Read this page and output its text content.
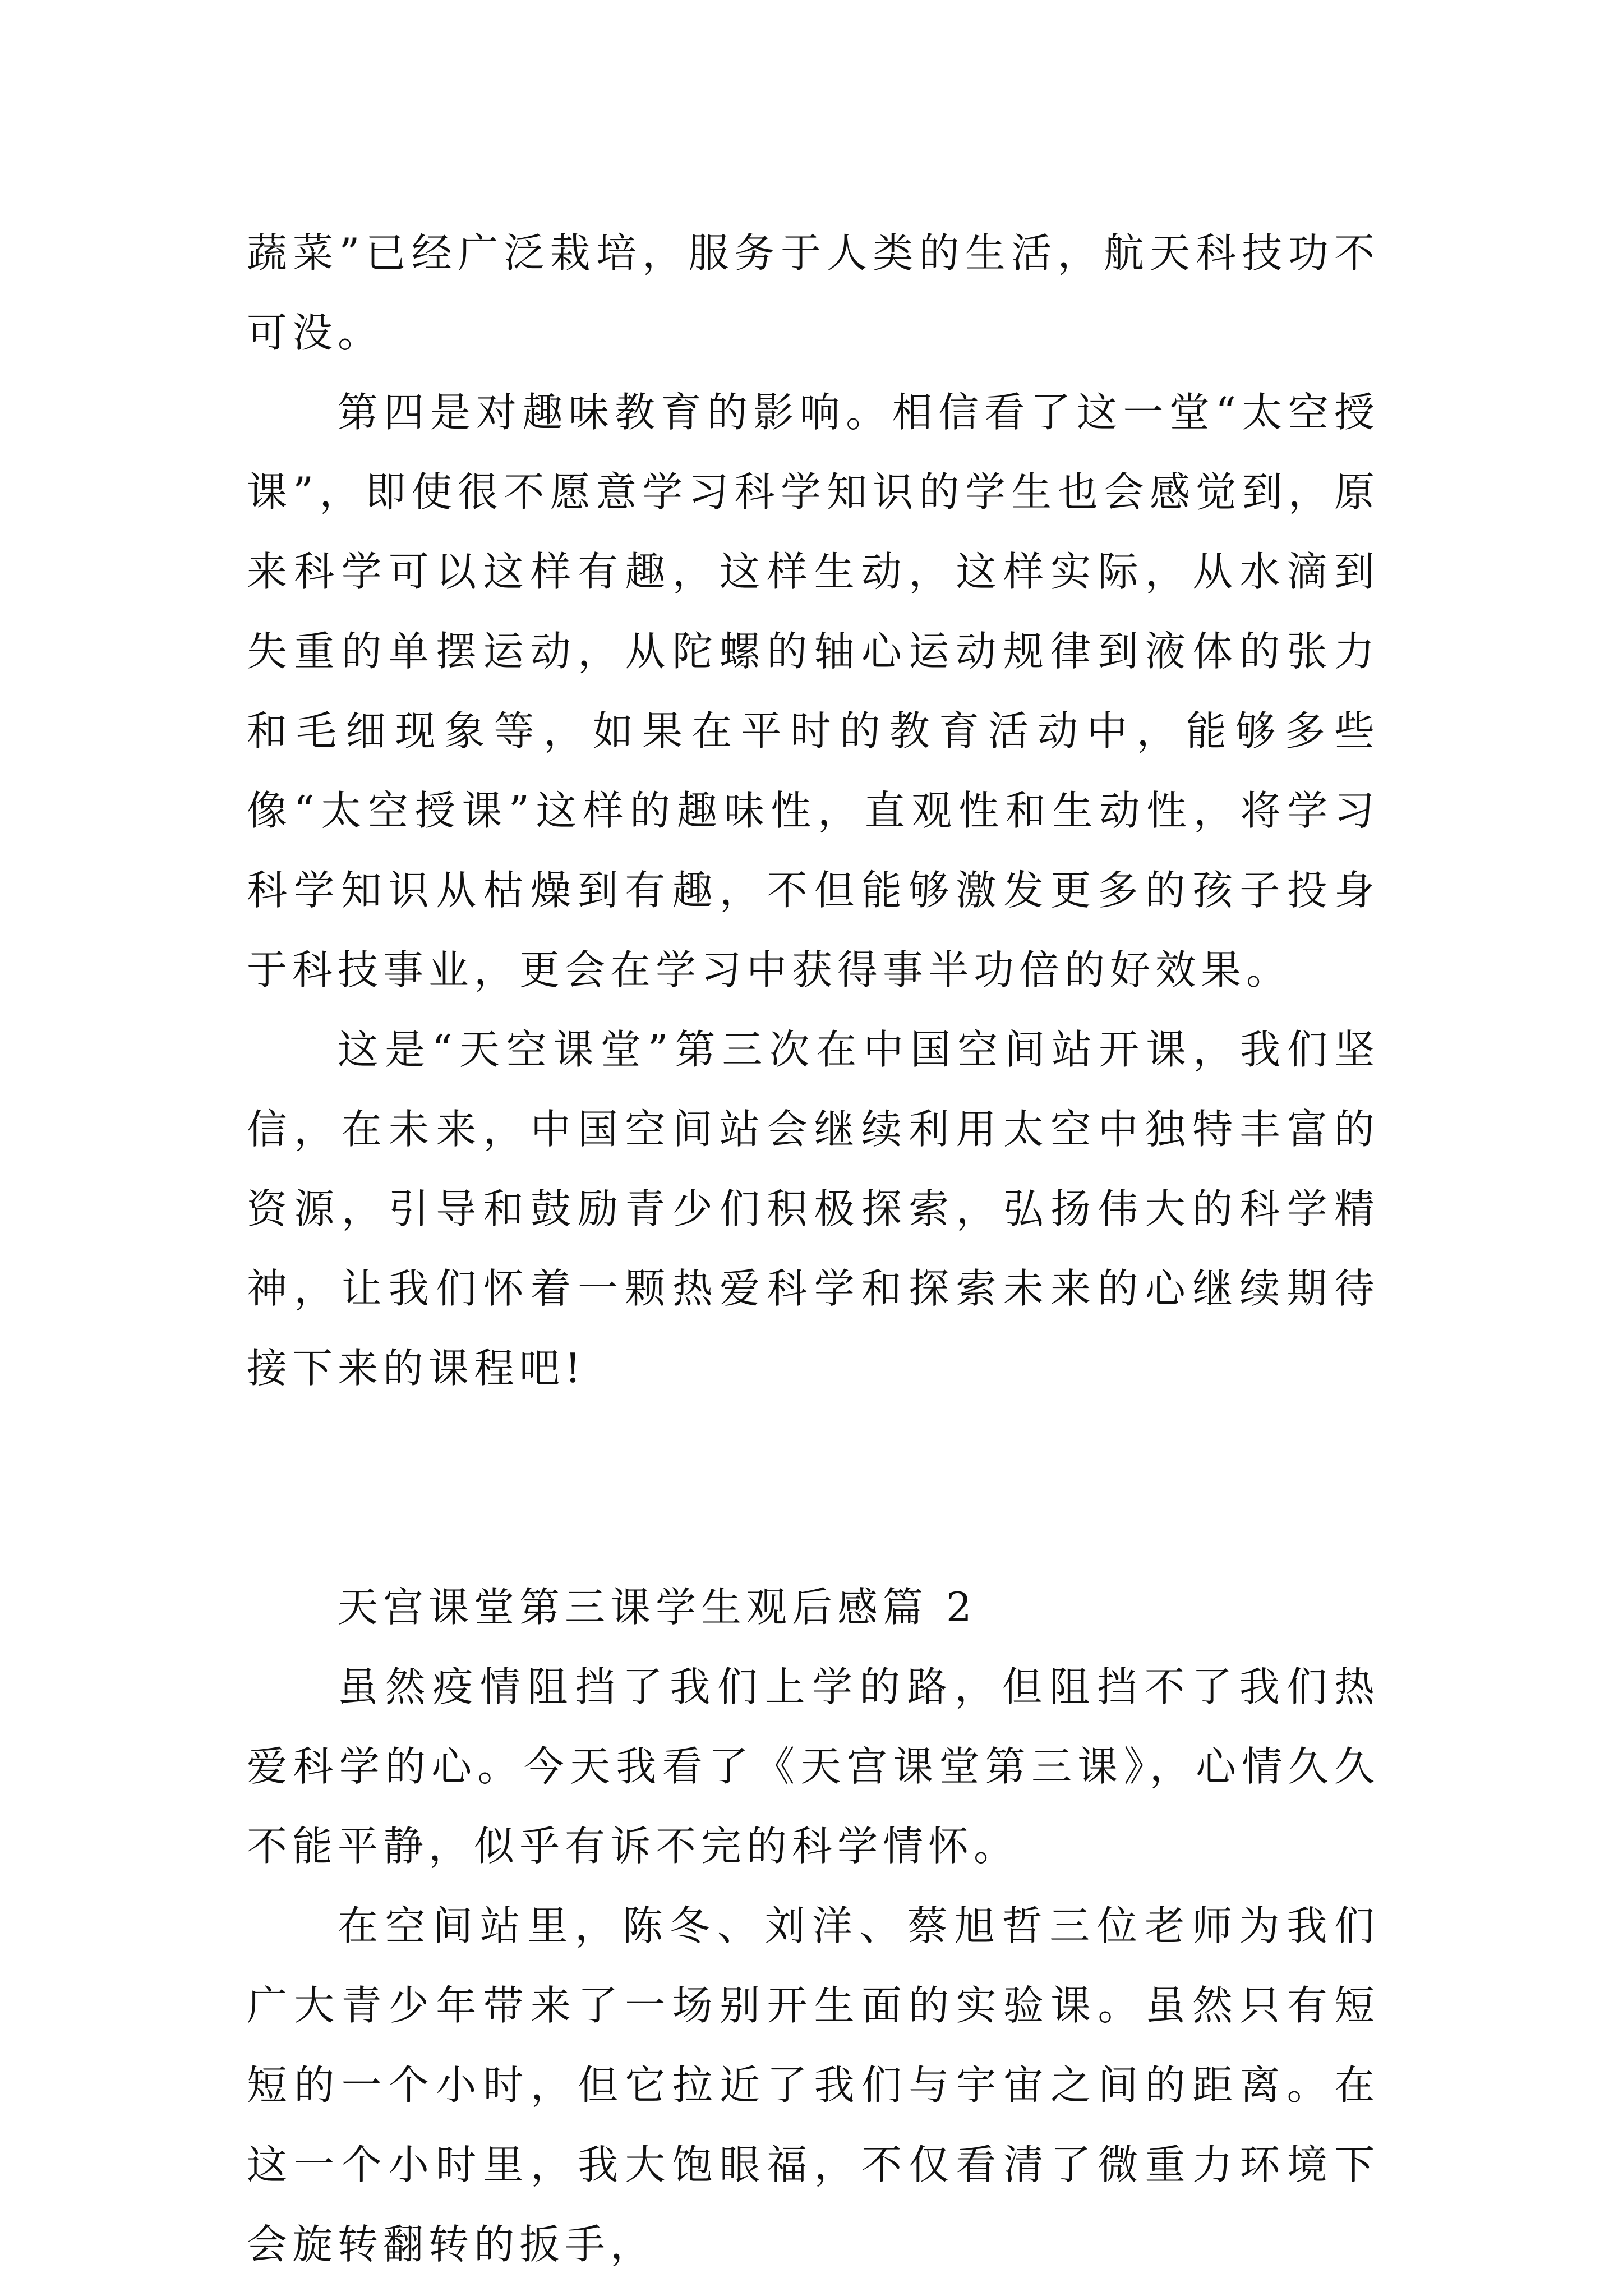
蔬菜”已经广泛栽培，服务于人类的生活，航天科技功不可没。

第四是对趣味教育的影响。相信看了这一堂“太空授课”，即使很不愿意学习科学知识的学生也会感觉到，原来科学可以这样有趣，这样生动，这样实际，从水滴到失重的单摆运动，从陀螺的轴心运动规律到液体的张力和毛细现象等，如果在平时的教育活动中，能够多些像“太空授课”这样的趣味性，直观性和生动性，将学习科学知识从枯燥到有趣，不但能够激发更多的孩子投身于科技事业，更会在学习中获得事半功倍的好效果。

这是“天空课堂”第三次在中国空间站开课，我们坚信，在未来，中国空间站会继续利用太空中独特丰富的资源，引导和鼓励青少们积极探索，弘扬伟大的科学精神，让我们怀着一颗热爱科学和探索未来的心继续期待接下来的课程吧!

天宫课堂第三课学生观后感篇 2

虽然疫情阻挡了我们上学的路，但阻挡不了我们热爱科学的心。今天我看了《天宫课堂第三课》，心情久久不能平静，似乎有诉不完的科学情怀。

在空间站里，陈冬、刘洋、蔡旭哲三位老师为我们广大青少年带来了一场别开生面的实验课。虽然只有短短的一个小时，但它拉近了我们与宇宙之间的距离。在这一个小时里，我大饱眼福，不仅看清了微重力环境下会旋转翻转的扳手，
